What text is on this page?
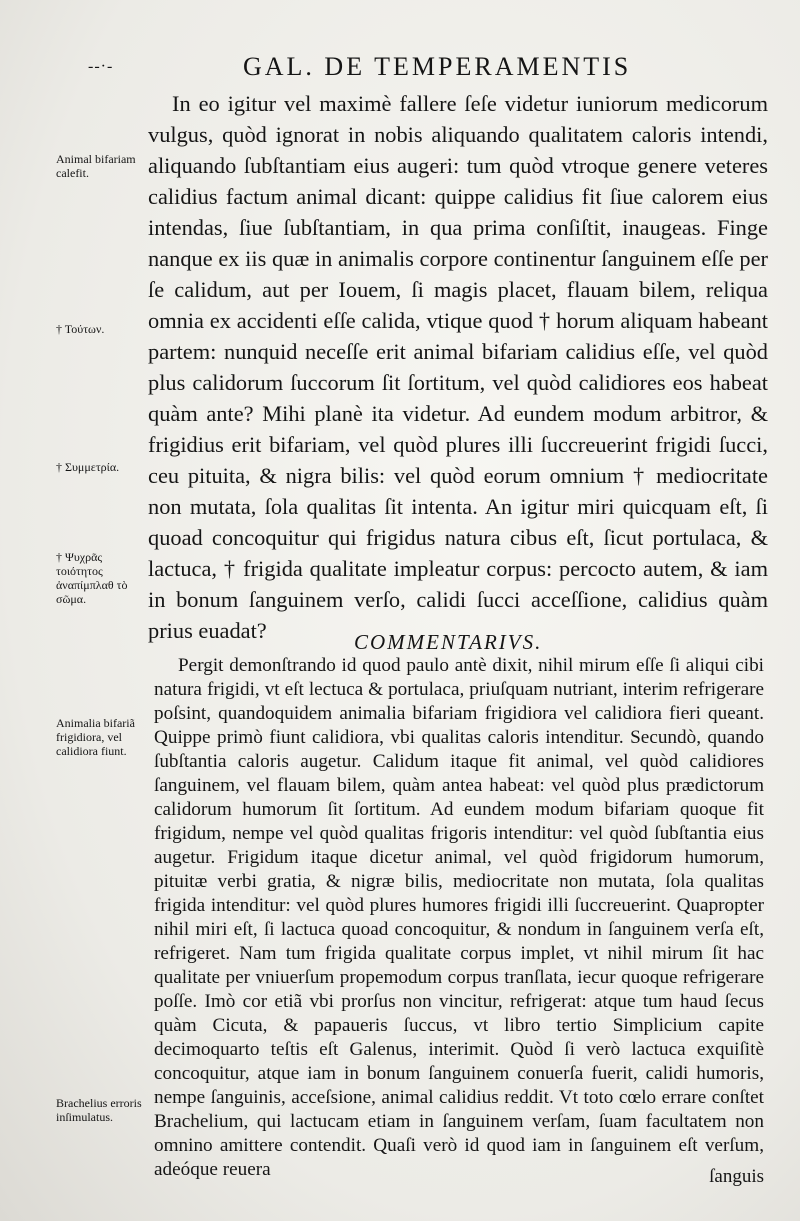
--·-	GAL. DE TEMPERAMENTIS

In eo igitur vel maximè fallere ſeſe videtur iuniorum medicorum vulgus, quòd ignorat in nobis aliquando qualitatem caloris intendi, aliquando ſubſtantiam eius augeri: tum quòd vtroque genere veteres calidius factum animal dicant: quippe calidius fit ſiue calorem eius intendas, ſiue ſubſtantiam, in qua prima conſiſtit, inaugeas. Finge nanque ex iis quæ in animalis corpore continentur ſanguinem eſſe per ſe calidum, aut per Iouem, ſi magis placet, flauam bilem, reliqua omnia ex accidenti eſſe calida, vtique quod † horum aliquam habeant partem: nunquid neceſſe erit animal bifariam calidius eſſe, vel quòd plus calidorum ſuccorum ſit ſortitum, vel quòd calidiores eos habeat quàm ante? Mihi planè ita videtur. Ad eundem modum arbitror, & frigidius erit bifariam, vel quòd plures illi ſuccreuerint frigidi ſucci, ceu pituita, & nigra bilis: vel quòd eorum omnium † mediocritate non mutata, ſola qualitas ſit intenta. An igitur miri quicquam eſt, ſi quoad concoquitur qui frigidus natura cibus eſt, ſicut portulaca, & lactuca, † frigida qualitate impleatur corpus: percocto autem, & iam in bonum ſanguinem verſo, calidi ſucci acceſſione, calidius quàm prius euadat?	COMMENTARIVS.

Pergit demonſtrando id quod paulo antè dixit, nihil mirum eſſe ſi aliqui cibi natura frigidi, vt eſt lectuca & portulaca, priuſquam nutriant, interim refrigerare poſsint, quandoquidem animalia bifariam frigidiora vel calidiora fieri queant. Quippe primò fiunt calidiora, vbi qualitas caloris intenditur. Secundò, quando ſubſtantia caloris augetur. Calidum itaque fit animal, vel quòd calidiores ſanguinem, vel flauam bilem, quàm antea habeat: vel quòd plus prædictorum calidorum humorum ſit ſortitum. Ad eundem modum bifariam quoque fit frigidum, nempe vel quòd qualitas frigoris intenditur: vel quòd ſubſtantia eius augetur. Frigidum itaque dicetur animal, vel quòd frigidorum humorum, pituitæ verbi gratia, & nigræ bilis, mediocritate non mutata, ſola qualitas frigida intenditur: vel quòd plures humores frigidi illi ſuccreuerint. Quapropter nihil miri eſt, ſi lactuca quoad concoquitur, & nondum in ſanguinem verſa eſt, refrigeret. Nam tum frigida qualitate corpus implet, vt nihil mirum ſit hac qualitate per vniuerſum propemodum corpus tranſlata, iecur quoque refrigerare poſſe. Imò cor etiã vbi prorſus non vincitur, refrigerat: atque tum haud ſecus quàm Cicuta, & papaueris ſuccus, vt libro tertio Simplicium capite decimoquarto teſtis eſt Galenus, interimit. Quòd ſi verò lactuca exquiſitè concoquitur, atque iam in bonum ſanguinem conuerſa fuerit, calidi humoris, nempe ſanguinis, acceſsione, animal calidius reddit. Vt toto cœlo errare conſtet Brachelium, qui lactucam etiam in ſanguinem verſam, ſuam facultatem non omnino amittere contendit. Quaſi verò id quod iam in ſanguinem eſt verſum, adeóque reuera

Animal bifariam calefit.
† Τούτων.
† Συμμετρία.
† Ψυχρᾶς τοιότητος ἀναπίμπλαθ τὸ σῶμα.
Animalia bifariã frigidiora, vel calidiora fiunt.
Brachelius erroris inſimulatus.
ſanguis
